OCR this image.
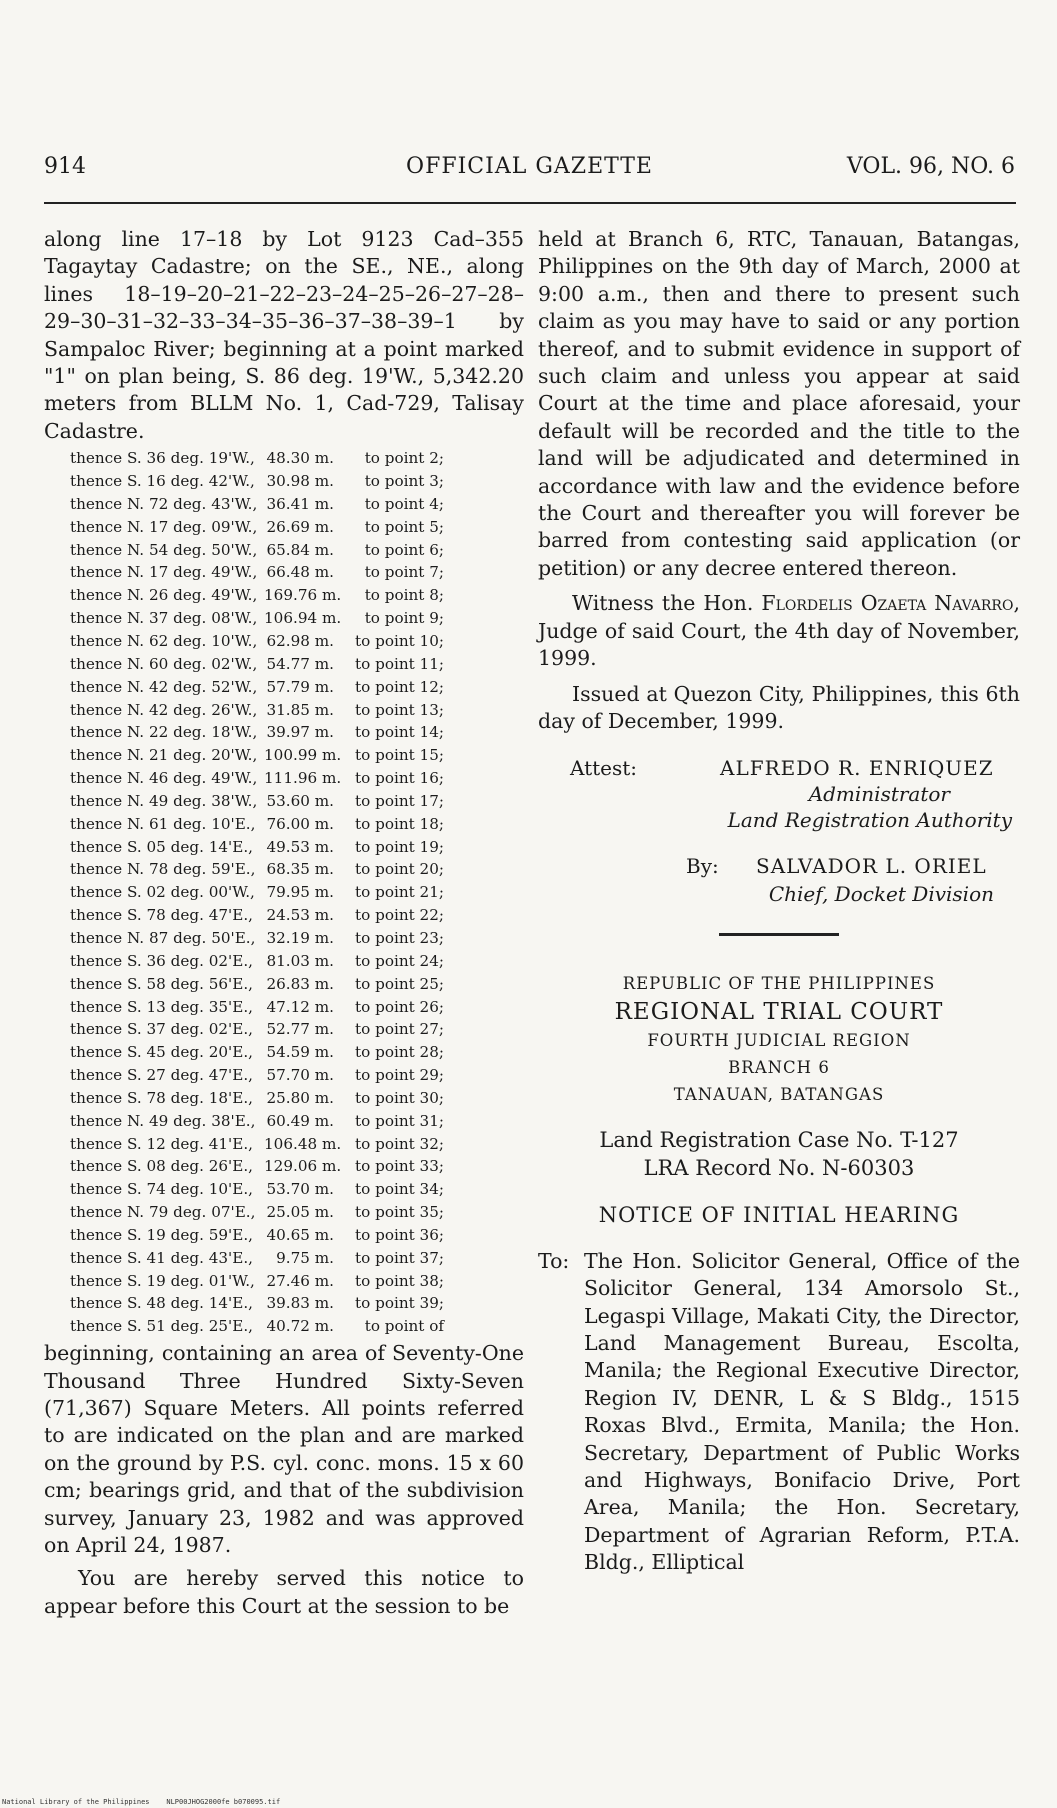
914	OFFICIAL GAZETTE	VOL. 96, NO. 6

along line 17–18 by Lot 9123 Cad–355 Tagaytay Cadastre; on the SE., NE., along lines 18–19–20–21–22–23–24–25–26–27–28–29–30–31–32–33–34–35–36–37–38–39–1 by Sampaloc River; beginning at a point marked "1" on plan being, S. 86 deg. 19'W., 5,342.20 meters from BLLM No. 1, Cad-729, Talisay Cadastre.

thence S. 36 deg. 19'W., 48.30 m.	to point 2;
thence S. 16 deg. 42'W., 30.98 m.	to point 3;
thence N. 72 deg. 43'W., 36.41 m.	to point 4;
thence N. 17 deg. 09'W., 26.69 m.	to point 5;
thence N. 54 deg. 50'W., 65.84 m.	to point 6;
thence N. 17 deg. 49'W., 66.48 m.	to point 7;
thence N. 26 deg. 49'W., 169.76 m.	to point 8;
thence N. 37 deg. 08'W., 106.94 m.	to point 9;
thence N. 62 deg. 10'W., 62.98 m.	to point 10;
thence N. 60 deg. 02'W., 54.77 m.	to point 11;
thence N. 42 deg. 52'W., 57.79 m.	to point 12;
thence N. 42 deg. 26'W., 31.85 m.	to point 13;
thence N. 22 deg. 18'W., 39.97 m.	to point 14;
thence N. 21 deg. 20'W., 100.99 m. to point 15;
thence N. 46 deg. 49'W., 111.96 m. to point 16;
thence N. 49 deg. 38'W., 53.60 m.	to point 17;
thence N. 61 deg. 10'E., 76.00 m.	to point 18;
thence S. 05 deg. 14'E., 49.53 m.	to point 19;
thence N. 78 deg. 59'E., 68.35 m.	to point 20;
thence S. 02 deg. 00'W., 79.95 m.	to point 21;
thence S. 78 deg. 47'E., 24.53 m.	to point 22;
thence N. 87 deg. 50'E., 32.19 m.	to point 23;
thence S. 36 deg. 02'E., 81.03 m.	to point 24;
thence S. 58 deg. 56'E., 26.83 m.	to point 25;
thence S. 13 deg. 35'E., 47.12 m.	to point 26;
thence S. 37 deg. 02'E., 52.77 m.	to point 27;
thence S. 45 deg. 20'E., 54.59 m.	to point 28;
thence S. 27 deg. 47'E., 57.70 m.	to point 29;
thence S. 78 deg. 18'E., 25.80 m.	to point 30;
thence N. 49 deg. 38'E., 60.49 m.	to point 31;
thence S. 12 deg. 41'E., 106.48 m. to point 32;
thence S. 08 deg. 26'E., 129.06 m. to point 33;
thence S. 74 deg. 10'E., 53.70 m.	to point 34;
thence N. 79 deg. 07'E., 25.05 m.	to point 35;
thence S. 19 deg. 59'E., 40.65 m.	to point 36;
thence S. 41 deg. 43'E.,	9.75 m.	to point 37;
thence S. 19 deg. 01'W., 27.46 m.	to point 38;
thence S. 48 deg. 14'E., 39.83 m.	to point 39;
thence S. 51 deg. 25'E., 40.72 m.	to point of

beginning, containing an area of Seventy-One Thousand Three Hundred Sixty-Seven (71,367) Square Meters. All points referred to are indicated on the plan and are marked on the ground by P.S. cyl. conc. mons. 15 x 60 cm; bearings grid, and that of the subdivision survey, January 23, 1982 and was approved on April 24, 1987.

You are hereby served this notice to appear before this Court at the session to be

held at Branch 6, RTC, Tanauan, Batangas, Philippines on the 9th day of March, 2000 at 9:00 a.m., then and there to present such claim as you may have to said or any portion thereof, and to submit evidence in support of such claim and unless you appear at said Court at the time and place aforesaid, your default will be recorded and the title to the land will be adjudicated and determined in accordance with law and the evidence before the Court and thereafter you will forever be barred from contesting said application (or petition) or any decree entered thereon.

Witness the Hon. Flordelis Ozaeta Navarro, Judge of said Court, the 4th day of November, 1999.

Issued at Quezon City, Philippines, this 6th day of December, 1999.

Attest:	ALFREDO R. ENRIQUEZ
Administrator
Land Registration Authority
By: SALVADOR L. ORIEL
Chief, Docket Division
REPUBLIC OF THE PHILIPPINES
REGIONAL TRIAL COURT
FOURTH JUDICIAL REGION
BRANCH 6
TANAUAN, BATANGAS
Land Registration Case No. T-127
LRA Record No. N-60303
NOTICE OF INITIAL HEARING
To: The Hon. Solicitor General, Office of the Solicitor General, 134 Amorsolo St., Legaspi Village, Makati City, the Director, Land Management Bureau, Escolta, Manila; the Regional Executive Director, Region IV, DENR, L & S Bldg., 1515 Roxas Blvd., Ermita, Manila; the Hon. Secretary, Department of Public Works and Highways, Bonifacio Drive, Port Area, Manila; the Hon. Secretary, Department of Agrarian Reform, P.T.A. Bldg., Elliptical
National Library of the Philippines NLP00JHOG2000fe b070095.tif
